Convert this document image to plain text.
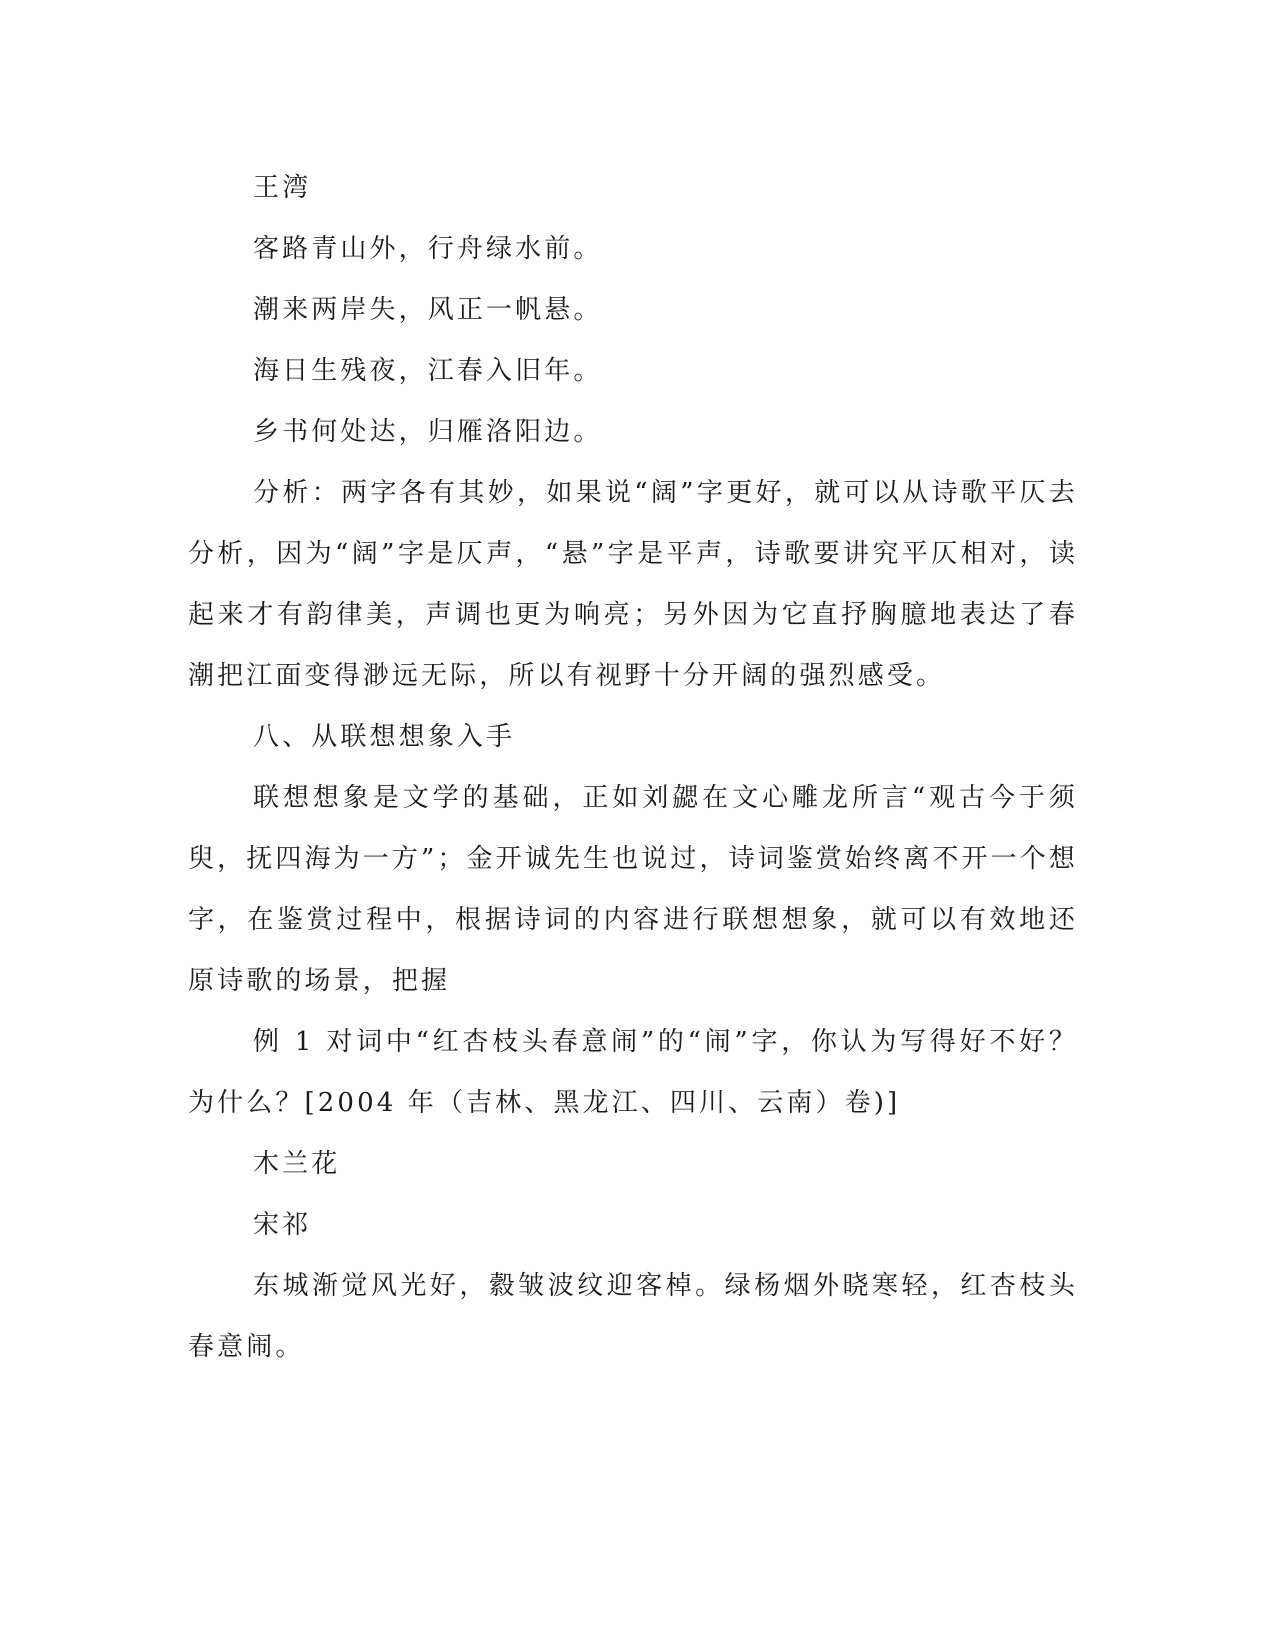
王湾

客路青山外，行舟绿水前。

潮来两岸失，风正一帆悬。

海日生残夜，江春入旧年。

乡书何处达，归雁洛阳边。

分析：两字各有其妙，如果说“阔”字更好，就可以从诗歌平仄去分析，因为“阔”字是仄声，“悬”字是平声，诗歌要讲究平仄相对，读起来才有韵律美，声调也更为响亮；另外因为它直抒胸臆地表达了春潮把江面变得渺远无际，所以有视野十分开阔的强烈感受。

八、从联想想象入手

联想想象是文学的基础，正如刘勰在文心雕龙所言“观古今于须臾，抚四海为一方”；金开诚先生也说过，诗词鉴赏始终离不开一个想字，在鉴赏过程中，根据诗词的内容进行联想想象，就可以有效地还原诗歌的场景，把握

例 1 对词中“红杏枝头春意闹”的“闹”字，你认为写得好不好？为什么？[2004 年（吉林、黑龙江、四川、云南）卷)]

木兰花

宋祁

东城渐觉风光好，縠皱波纹迎客棹。绿杨烟外晓寒轻，红杏枝头春意闹。
